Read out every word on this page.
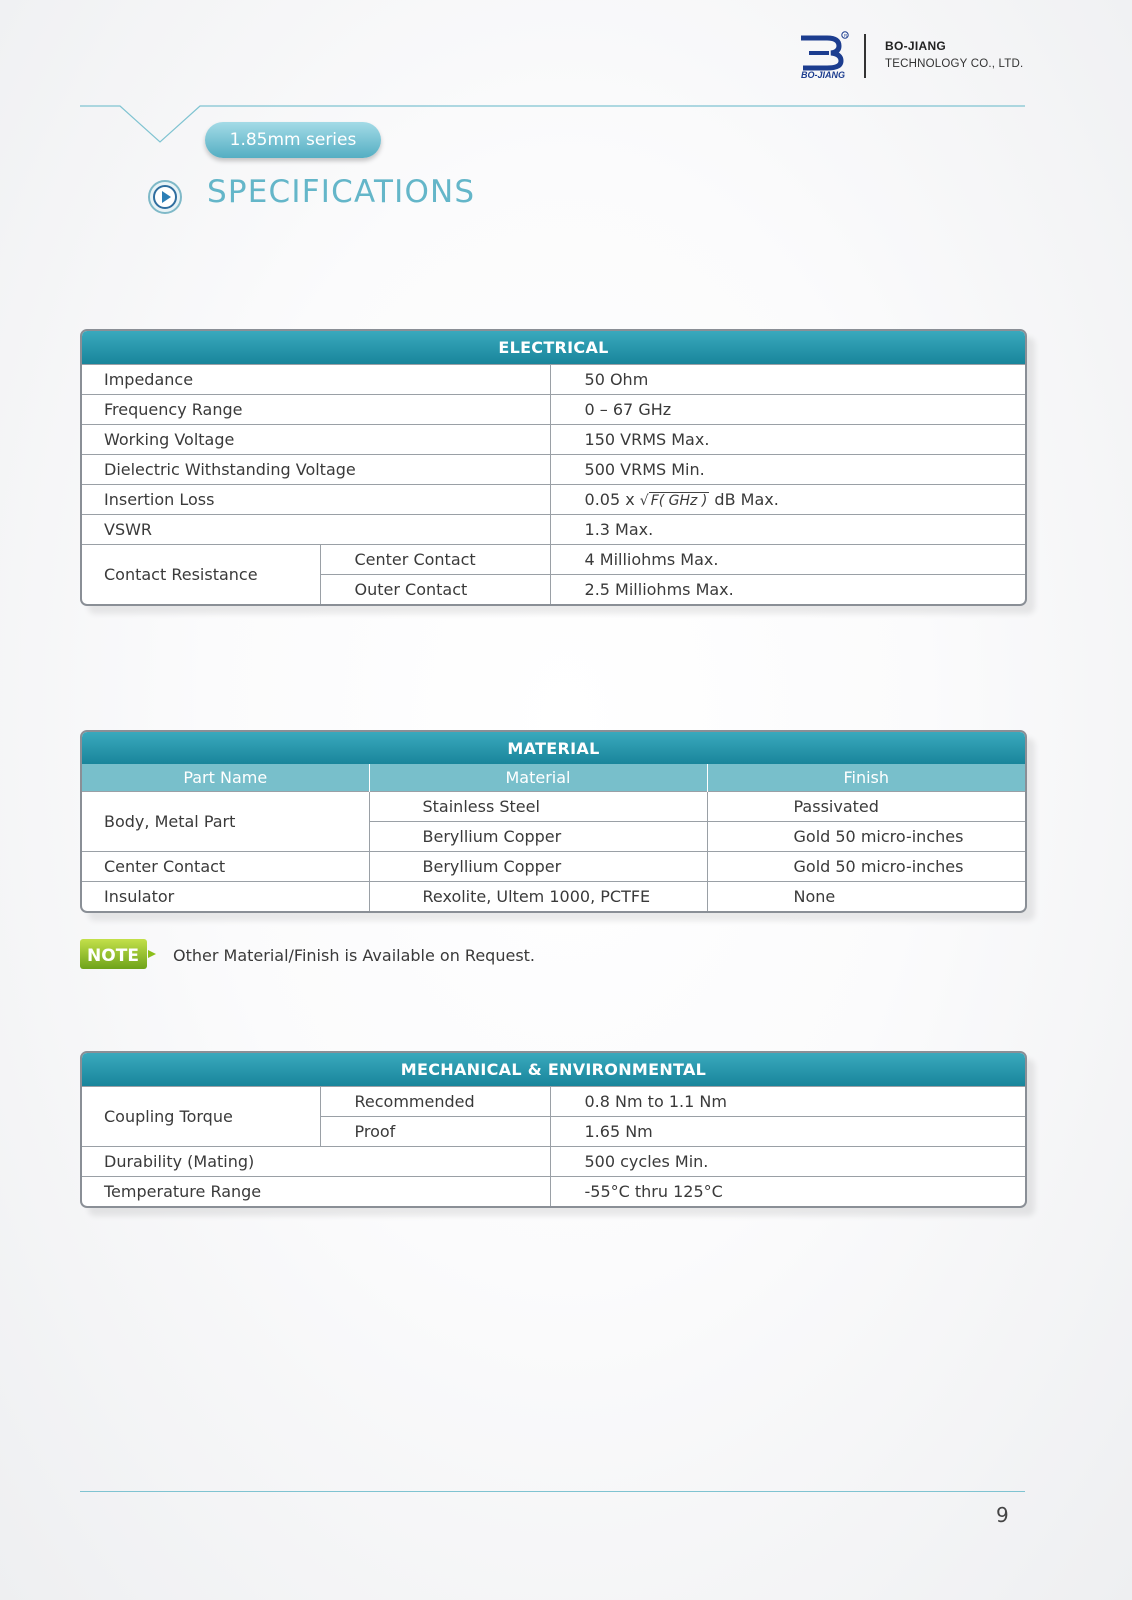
R
BO-JIANG
BO-JIANG
TECHNOLOGY CO., LTD.
1.85mm series
SPECIFICATIONS
ELECTRICAL
Impedance		50 Ohm
Frequency Range		0 – 67 GHz
Working Voltage		150 VRMS Max.
Dielectric Withstanding Voltage		500 VRMS Min.
Insertion Loss		0.05 x √ F( GHz ) dB Max.
VSWR		1.3 Max.
Contact Resistance	Center Contact	4 Milliohms Max.
	Outer Contact	2.5 Milliohms Max.
MATERIAL
Part Name	Material	Finish
Body, Metal Part	Stainless Steel	Passivated
	Beryllium Copper	Gold 50 micro-inches
Center Contact	Beryllium Copper	Gold 50 micro-inches
Insulator	Rexolite, Ultem 1000, PCTFE	None
NOTE Other Material/Finish is Available on Request.
MECHANICAL & ENVIRONMENTAL
Coupling Torque	Recommended	0.8 Nm to 1.1 Nm
	Proof	1.65 Nm
Durability (Mating)		500 cycles Min.
Temperature Range		-55°C thru 125°C
9
